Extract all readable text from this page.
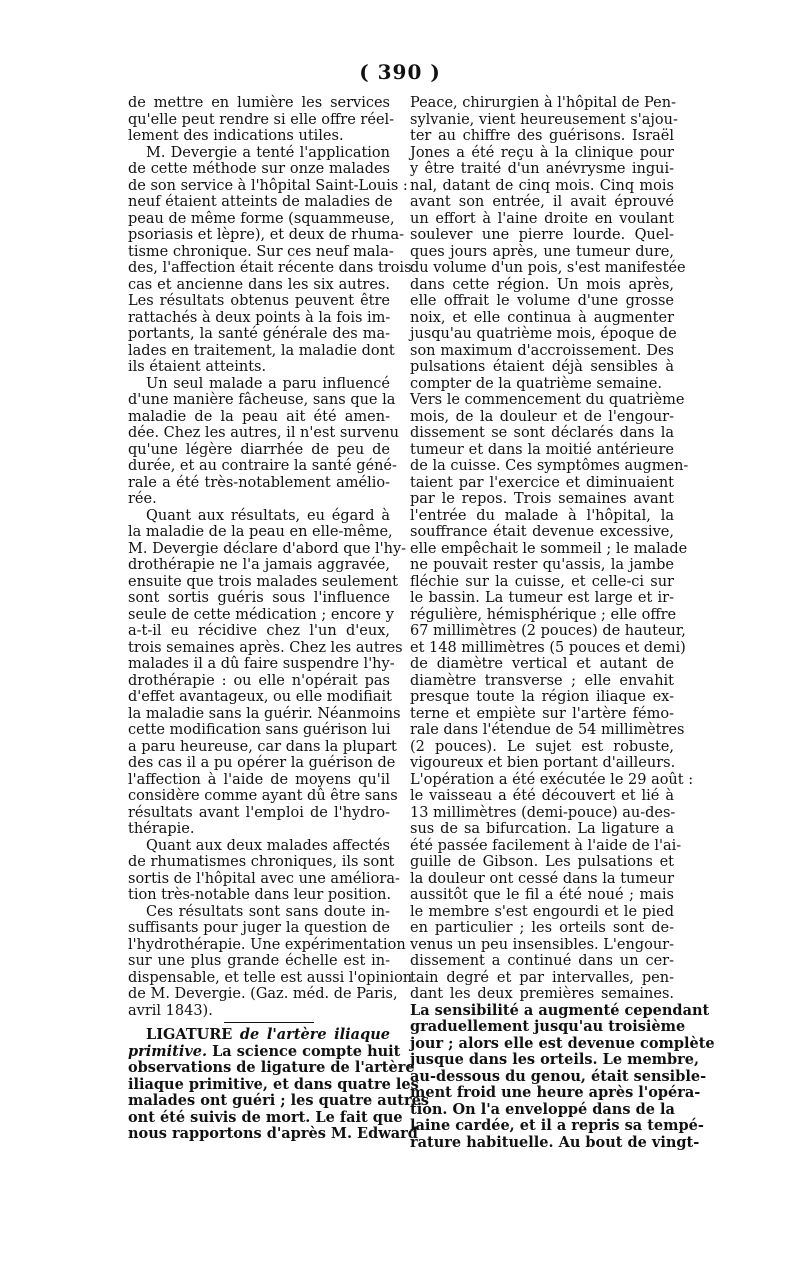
( 390 )
de mettre en lumière les services
qu'elle peut rendre si elle offre réel-
lement des indications utiles.
M. Devergie a tenté l'application
de cette méthode sur onze malades
de son service à l'hôpital Saint-Louis :
neuf étaient atteints de maladies de
peau de même forme (squammeuse,
psoriasis et lèpre), et deux de rhuma-
tisme chronique. Sur ces neuf mala-
des, l'affection était récente dans trois
cas et ancienne dans les six autres.
Les résultats obtenus peuvent être
rattachés à deux points à la fois im-
portants, la santé générale des ma-
lades en traitement, la maladie dont
ils étaient atteints.
Un seul malade a paru influencé
d'une manière fâcheuse, sans que la
maladie de la peau ait été amen-
dée. Chez les autres, il n'est survenu
qu'une légère diarrhée de peu de
durée, et au contraire la santé géné-
rale a été très-notablement amélio-
rée.
Quant aux résultats, eu égard à
la maladie de la peau en elle-même,
M. Devergie déclare d'abord que l'hy-
drothérapie ne l'a jamais aggravée,
ensuite que trois malades seulement
sont sortis guéris sous l'influence
seule de cette médication ; encore y
a-t-il eu récidive chez l'un d'eux,
trois semaines après. Chez les autres
malades il a dû faire suspendre l'hy-
drothérapie : ou elle n'opérait pas
d'effet avantageux, ou elle modifiait
la maladie sans la guérir. Néanmoins
cette modification sans guérison lui
a paru heureuse, car dans la plupart
des cas il a pu opérer la guérison de
l'affection à l'aide de moyens qu'il
considère comme ayant dû être sans
résultats avant l'emploi de l'hydro-
thérapie.
Quant aux deux malades affectés
de rhumatismes chroniques, ils sont
sortis de l'hôpital avec une améliora-
tion très-notable dans leur position.
Ces résultats sont sans doute in-
suffisants pour juger la question de
l'hydrothérapie. Une expérimentation
sur une plus grande échelle est in-
dispensable, et telle est aussi l'opinion
de M. Devergie. (Gaz. méd. de Paris,
avril 1843).
LIGATURE de l'artère iliaque
primitive. La science compte huit
observations de ligature de l'artère
iliaque primitive, et dans quatre les
malades ont guéri ; les quatre autres
ont été suivis de mort. Le fait que
nous rapportons d'après M. Edward
Peace, chirurgien à l'hôpital de Pen-
sylvanie, vient heureusement s'ajou-
ter au chiffre des guérisons. Israël
Jones a été reçu à la clinique pour
y être traité d'un anévrysme ingui-
nal, datant de cinq mois. Cinq mois
avant son entrée, il avait éprouvé
un effort à l'aine droite en voulant
soulever une pierre lourde. Quel-
ques jours après, une tumeur dure,
du volume d'un pois, s'est manifestée
dans cette région. Un mois après,
elle offrait le volume d'une grosse
noix, et elle continua à augmenter
jusqu'au quatrième mois, époque de
son maximum d'accroissement. Des
pulsations étaient déjà sensibles à
compter de la quatrième semaine.
Vers le commencement du quatrième
mois, de la douleur et de l'engour-
dissement se sont déclarés dans la
tumeur et dans la moitié antérieure
de la cuisse. Ces symptômes augmen-
taient par l'exercice et diminuaient
par le repos. Trois semaines avant
l'entrée du malade à l'hôpital, la
souffrance était devenue excessive,
elle empêchait le sommeil ; le malade
ne pouvait rester qu'assis, la jambe
fléchie sur la cuisse, et celle-ci sur
le bassin. La tumeur est large et ir-
régulière, hémisphérique ; elle offre
67 millimètres (2 pouces) de hauteur,
et 148 millimètres (5 pouces et demi)
de diamètre vertical et autant de
diamètre transverse ; elle envahit
presque toute la région iliaque ex-
terne et empiète sur l'artère fémo-
rale dans l'étendue de 54 millimètres
(2 pouces). Le sujet est robuste,
vigoureux et bien portant d'ailleurs.
L'opération a été exécutée le 29 août :
le vaisseau a été découvert et lié à
13 millimètres (demi-pouce) au-des-
sus de sa bifurcation. La ligature a
été passée facilement à l'aide de l'ai-
guille de Gibson. Les pulsations et
la douleur ont cessé dans la tumeur
aussitôt que le fil a été noué ; mais
le membre s'est engourdi et le pied
en particulier ; les orteils sont de-
venus un peu insensibles. L'engour-
dissement a continué dans un cer-
tain degré et par intervalles, pen-
dant les deux premières semaines.
La sensibilité a augmenté cependant
graduellement jusqu'au troisième
jour ; alors elle est devenue complète
jusque dans les orteils. Le membre,
au-dessous du genou, était sensible-
ment froid une heure après l'opéra-
tion. On l'a enveloppé dans de la
laine cardée, et il a repris sa tempé-
rature habituelle. Au bout de vingt-
